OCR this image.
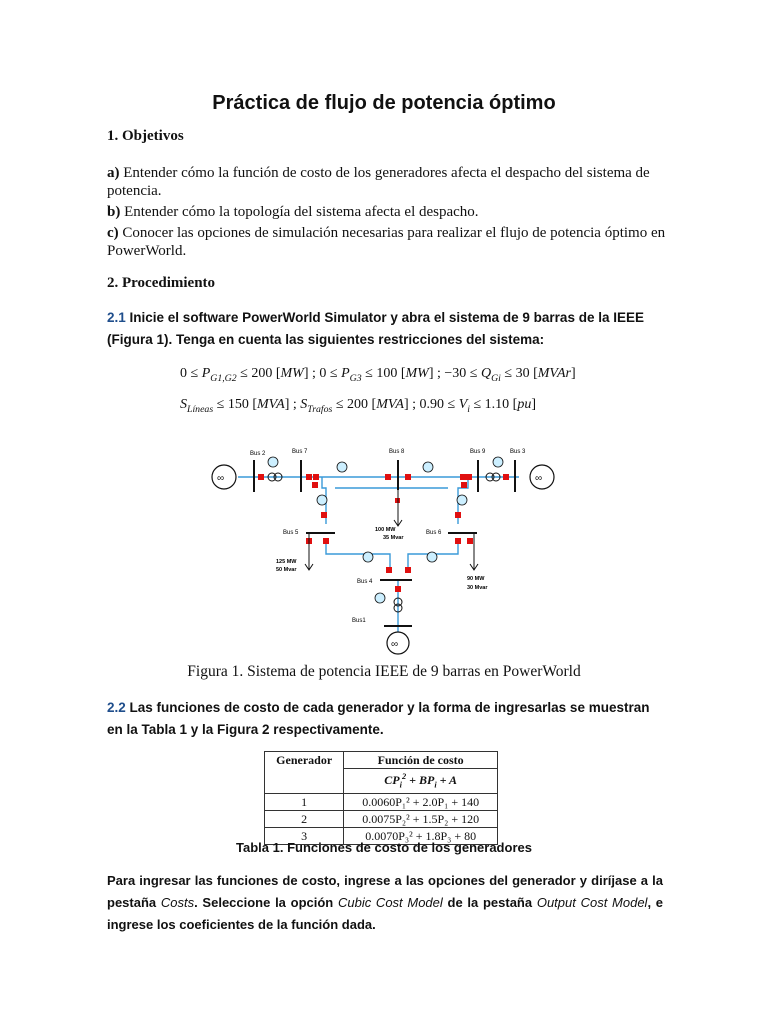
Práctica de flujo de potencia óptimo
1. Objetivos
a) Entender cómo la función de costo de los generadores afecta el despacho del sistema de potencia.
b) Entender cómo la topología del sistema afecta el despacho.
c) Conocer las opciones de simulación necesarias para realizar el flujo de potencia óptimo en PowerWorld.
2. Procedimiento
2.1 Inicie el software PowerWorld Simulator y abra el sistema de 9 barras de la IEEE (Figura 1). Tenga en cuenta las siguientes restricciones del sistema:
$0 \le P_{G1,G2} \le 200$ [MW] ; $0 \le P_{G3} \le 100$ [MW] ; $-30 \le Q_{Gi} \le 30$ [MVAr]
$S_{Líneas} \le 150$ [MVA] ; $S_{Trafos} \le 200$ [MVA] ; $0.90 \le V_i \le 1.10$ [pu]
Bus 2	Bus 7	Bus 8	Bus 9	Bus 3
Bus 5	Bus 6
Bus 4
Bus1
100 MW
35 Mvar
125 MW
50 Mvar
90 MW
30 Mvar
∞	∞
∞
Figura 1. Sistema de potencia IEEE de 9 barras en PowerWorld
2.2 Las funciones de costo de cada generador y la forma de ingresarlas se muestran en la Tabla 1 y la Figura 2 respectivamente.
Generador	Función de costo
	$CP_i^2 + BP_i + A$
1	0.0060P₁² + 2.0P₁ + 140
2	0.0075P₂² + 1.5P₂ + 120
3	0.0070P₃² + 1.8P₃ + 80
Tabla 1. Funciones de costo de los generadores
Para ingresar las funciones de costo, ingrese a las opciones del generador y diríjase a la pestaña Costs. Seleccione la opción Cubic Cost Model de la pestaña Output Cost Model, e ingrese los coeficientes de la función dada.
